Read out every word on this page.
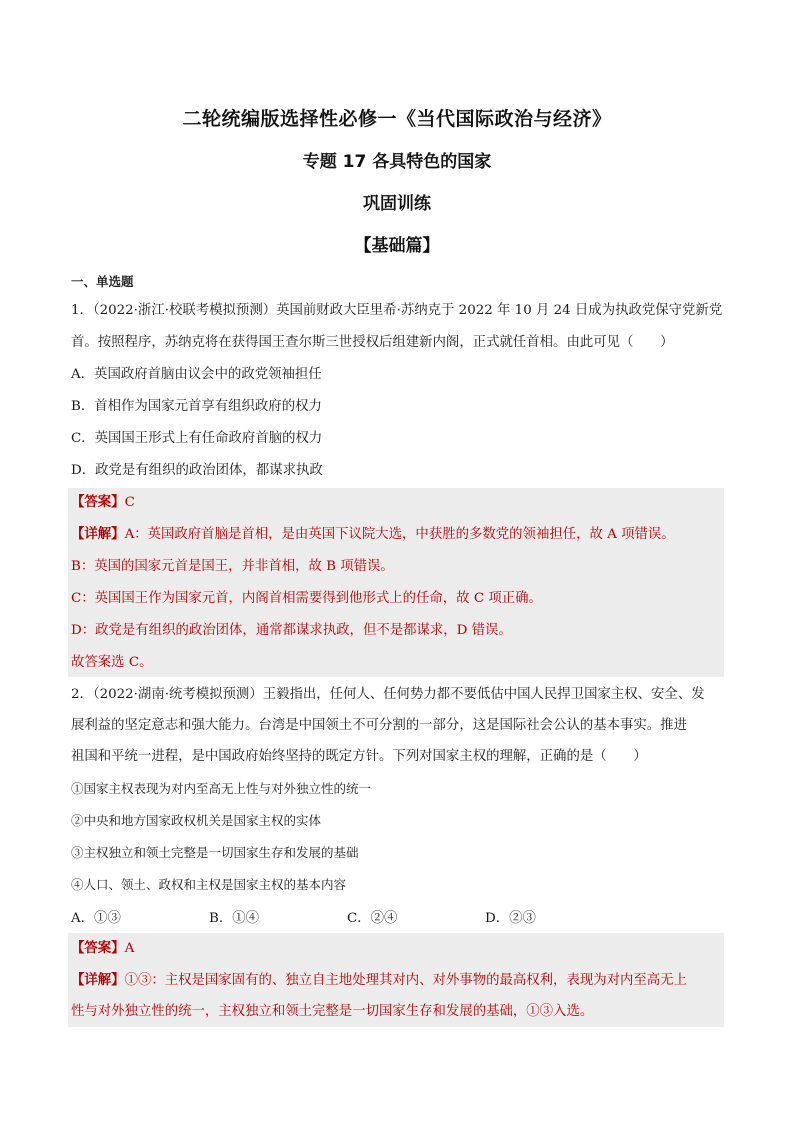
二轮统编版选择性必修一《当代国际政治与经济》
专题 17 各具特色的国家
巩固训练
【基础篇】
一、单选题
1．（2022·浙江·校联考模拟预测）英国前财政大臣里希·苏纳克于 2022 年 10 月 24 日成为执政党保守党新党
首。按照程序，苏纳克将在获得国王查尔斯三世授权后组建新内阁，正式就任首相。由此可见（　　）
A．英国政府首脑由议会中的政党领袖担任
B．首相作为国家元首享有组织政府的权力
C．英国国王形式上有任命政府首脑的权力
D．政党是有组织的政治团体，都谋求执政
【答案】C
【详解】A：英国政府首脑是首相，是由英国下议院大选，中获胜的多数党的领袖担任，故 A 项错误。
B：英国的国家元首是国王，并非首相，故 B 项错误。
C：英国国王作为国家元首，内阁首相需要得到他形式上的任命，故 C 项正确。
D：政党是有组织的政治团体，通常都谋求执政，但不是都谋求，D 错误。
故答案选 C。
2．（2022·湖南·统考模拟预测）王毅指出，任何人、任何势力都不要低估中国人民捍卫国家主权、安全、发
展利益的坚定意志和强大能力。台湾是中国领土不可分割的一部分，这是国际社会公认的基本事实。推进
祖国和平统一进程，是中国政府始终坚持的既定方针。下列对国家主权的理解，正确的是（　　）
①国家主权表现为对内至高无上性与对外独立性的统一
②中央和地方国家政权机关是国家主权的实体
③主权独立和领土完整是一切国家生存和发展的基础
④人口、领土、政权和主权是国家主权的基本内容
A．①③	B．①④	C．②④	D．②③
【答案】A
【详解】①③：主权是国家固有的、独立自主地处理其对内、对外事物的最高权利，表现为对内至高无上
性与对外独立性的统一，主权独立和领土完整是一切国家生存和发展的基础，①③入选。
